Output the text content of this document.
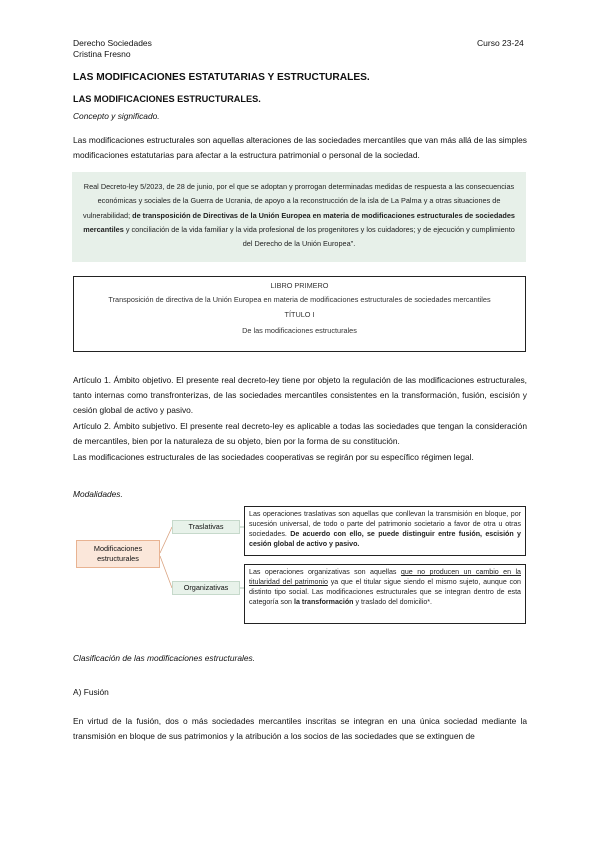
Derecho Sociedades
Cristina Fresno
Curso 23-24
LAS MODIFICACIONES ESTATUTARIAS Y ESTRUCTURALES.
LAS MODIFICACIONES ESTRUCTURALES.
Concepto y significado.
Las modificaciones estructurales son aquellas alteraciones de las sociedades mercantiles que van más allá de las simples modificaciones estatutarias para afectar a la estructura patrimonial o personal de la sociedad.
Real Decreto-ley 5/2023, de 28 de junio, por el que se adoptan y prorrogan determinadas medidas de respuesta a las consecuencias económicas y sociales de la Guerra de Ucrania, de apoyo a la reconstrucción de la isla de La Palma y a otras situaciones de vulnerabilidad; de transposición de Directivas de la Unión Europea en materia de modificaciones estructurales de sociedades mercantiles y conciliación de la vida familiar y la vida profesional de los progenitores y los cuidadores; y de ejecución y cumplimiento del Derecho de la Unión Europea".
LIBRO PRIMERO
Transposición de directiva de la Unión Europea en materia de modificaciones estructurales de sociedades mercantiles
TÍTULO I
De las modificaciones estructurales
Artículo 1. Ámbito objetivo. El presente real decreto-ley tiene por objeto la regulación de las modificaciones estructurales, tanto internas como transfronterizas, de las sociedades mercantiles consistentes en la transformación, fusión, escisión y cesión global de activo y pasivo.
Artículo 2. Ámbito subjetivo. El presente real decreto-ley es aplicable a todas las sociedades que tengan la consideración de mercantiles, bien por la naturaleza de su objeto, bien por la forma de su constitución.
Las modificaciones estructurales de las sociedades cooperativas se regirán por su específico régimen legal.
Modalidades.
Modificaciones estructurales
Traslativas
Organizativas
Las operaciones traslativas son aquellas que conllevan la transmisión en bloque, por sucesión universal, de todo o parte del patrimonio societario a favor de otra u otras sociedades. De acuerdo con ello, se puede distinguir entre fusión, escisión y cesión global de activo y pasivo.
Las operaciones organizativas son aquellas que no producen un cambio en la titularidad del patrimonio ya que el titular sigue siendo el mismo sujeto, aunque con distinto tipo social. Las modificaciones estructurales que se integran dentro de esta categoría son la transformación y traslado del domicilio*.
Clasificación de las modificaciones estructurales.
A) Fusión
En virtud de la fusión, dos o más sociedades mercantiles inscritas se integran en una única sociedad mediante la transmisión en bloque de sus patrimonios y la atribución a los socios de las sociedades que se extinguen de
